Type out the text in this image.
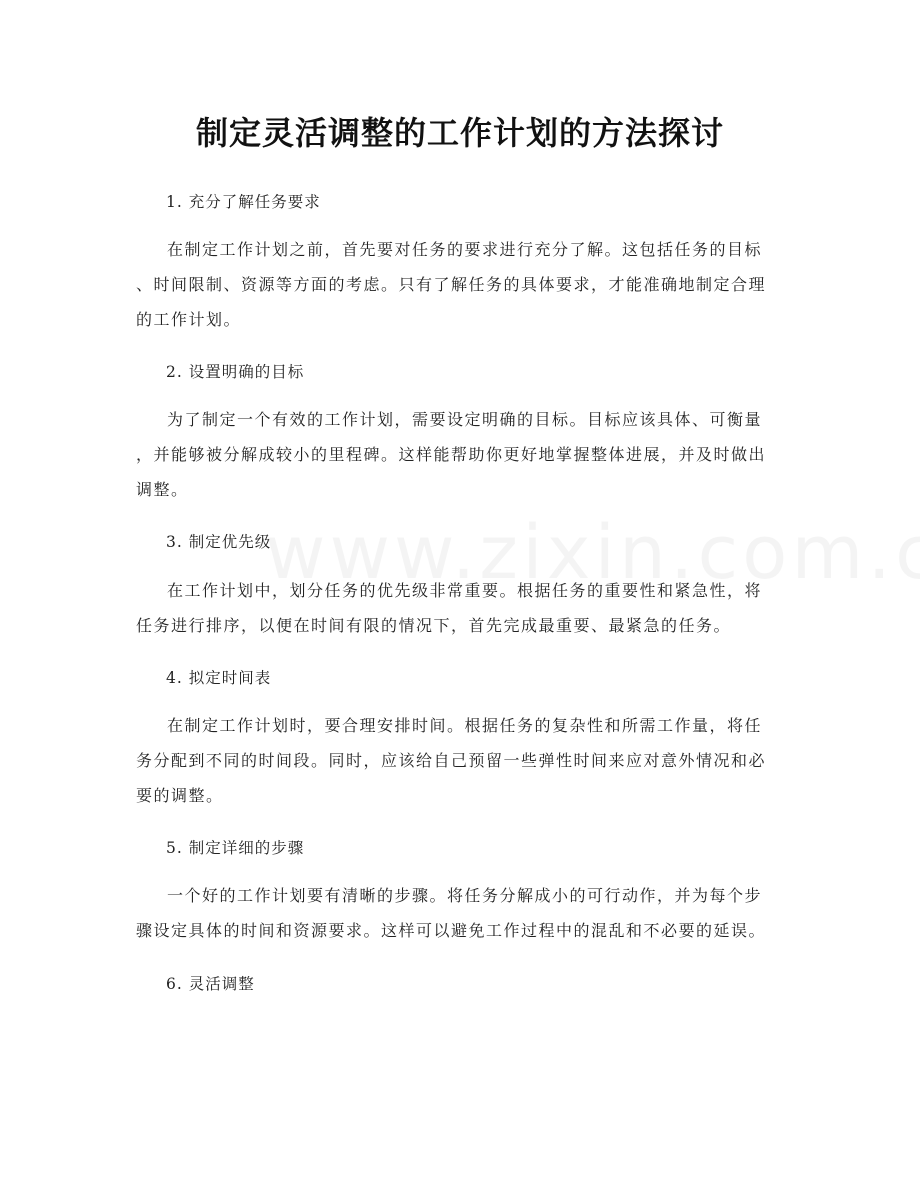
制定灵活调整的工作计划的方法探讨
1. 充分了解任务要求
在制定工作计划之前，首先要对任务的要求进行充分了解。这包括任务的目标
、时间限制、资源等方面的考虑。只有了解任务的具体要求，才能准确地制定合理
的工作计划。
2. 设置明确的目标
为了制定一个有效的工作计划，需要设定明确的目标。目标应该具体、可衡量
，并能够被分解成较小的里程碑。这样能帮助你更好地掌握整体进展，并及时做出
调整。
3. 制定优先级
在工作计划中，划分任务的优先级非常重要。根据任务的重要性和紧急性，将
任务进行排序，以便在时间有限的情况下，首先完成最重要、最紧急的任务。
4. 拟定时间表
在制定工作计划时，要合理安排时间。根据任务的复杂性和所需工作量，将任
务分配到不同的时间段。同时，应该给自己预留一些弹性时间来应对意外情况和必
要的调整。
5. 制定详细的步骤
一个好的工作计划要有清晰的步骤。将任务分解成小的可行动作，并为每个步
骤设定具体的时间和资源要求。这样可以避免工作过程中的混乱和不必要的延误。
6. 灵活调整
